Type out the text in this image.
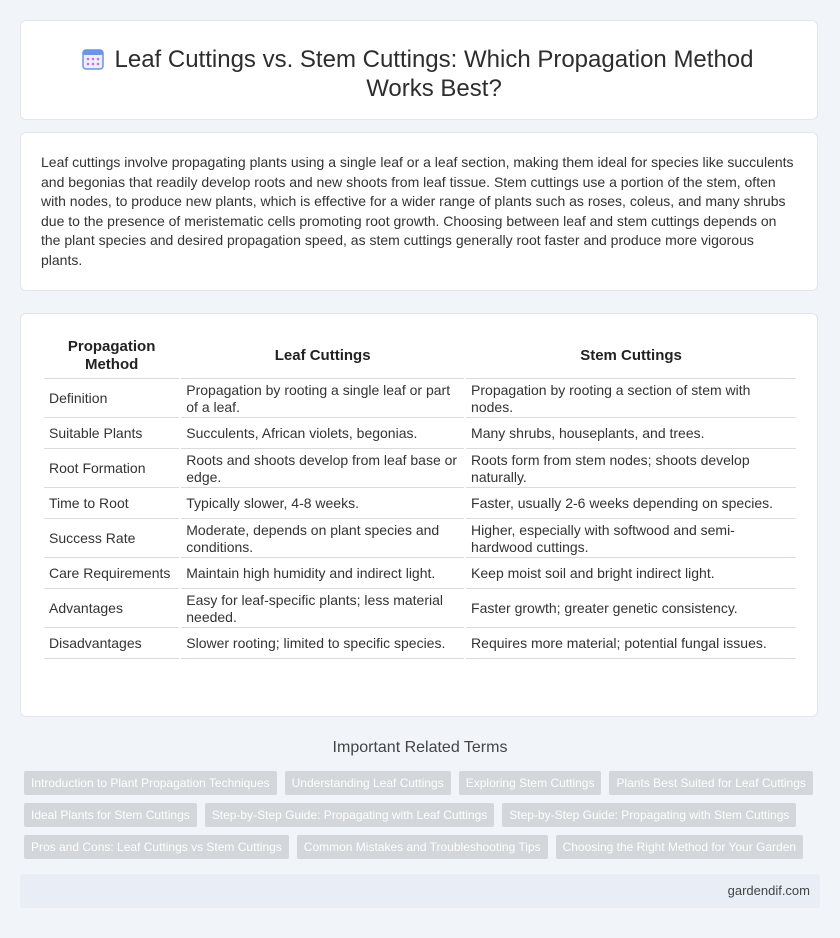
Leaf Cuttings vs. Stem Cuttings: Which Propagation Method Works Best?
Leaf cuttings involve propagating plants using a single leaf or a leaf section, making them ideal for species like succulents and begonias that readily develop roots and new shoots from leaf tissue. Stem cuttings use a portion of the stem, often with nodes, to produce new plants, which is effective for a wider range of plants such as roses, coleus, and many shrubs due to the presence of meristematic cells promoting root growth. Choosing between leaf and stem cuttings depends on the plant species and desired propagation speed, as stem cuttings generally root faster and produce more vigorous plants.
Propagation Method	Leaf Cuttings	Stem Cuttings
Definition	Propagation by rooting a single leaf or part of a leaf.	Propagation by rooting a section of stem with nodes.
Suitable Plants	Succulents, African violets, begonias.	Many shrubs, houseplants, and trees.
Root Formation	Roots and shoots develop from leaf base or edge.	Roots form from stem nodes; shoots develop naturally.
Time to Root	Typically slower, 4-8 weeks.	Faster, usually 2-6 weeks depending on species.
Success Rate	Moderate, depends on plant species and conditions.	Higher, especially with softwood and semi-hardwood cuttings.
Care Requirements	Maintain high humidity and indirect light.	Keep moist soil and bright indirect light.
Advantages	Easy for leaf-specific plants; less material needed.	Faster growth; greater genetic consistency.
Disadvantages	Slower rooting; limited to specific species.	Requires more material; potential fungal issues.
Important Related Terms
Introduction to Plant Propagation Techniques	Understanding Leaf Cuttings	Exploring Stem Cuttings	Plants Best Suited for Leaf Cuttings
Ideal Plants for Stem Cuttings	Step-by-Step Guide: Propagating with Leaf Cuttings	Step-by-Step Guide: Propagating with Stem Cuttings
Pros and Cons: Leaf Cuttings vs Stem Cuttings	Common Mistakes and Troubleshooting Tips	Choosing the Right Method for Your Garden
gardendif.com
